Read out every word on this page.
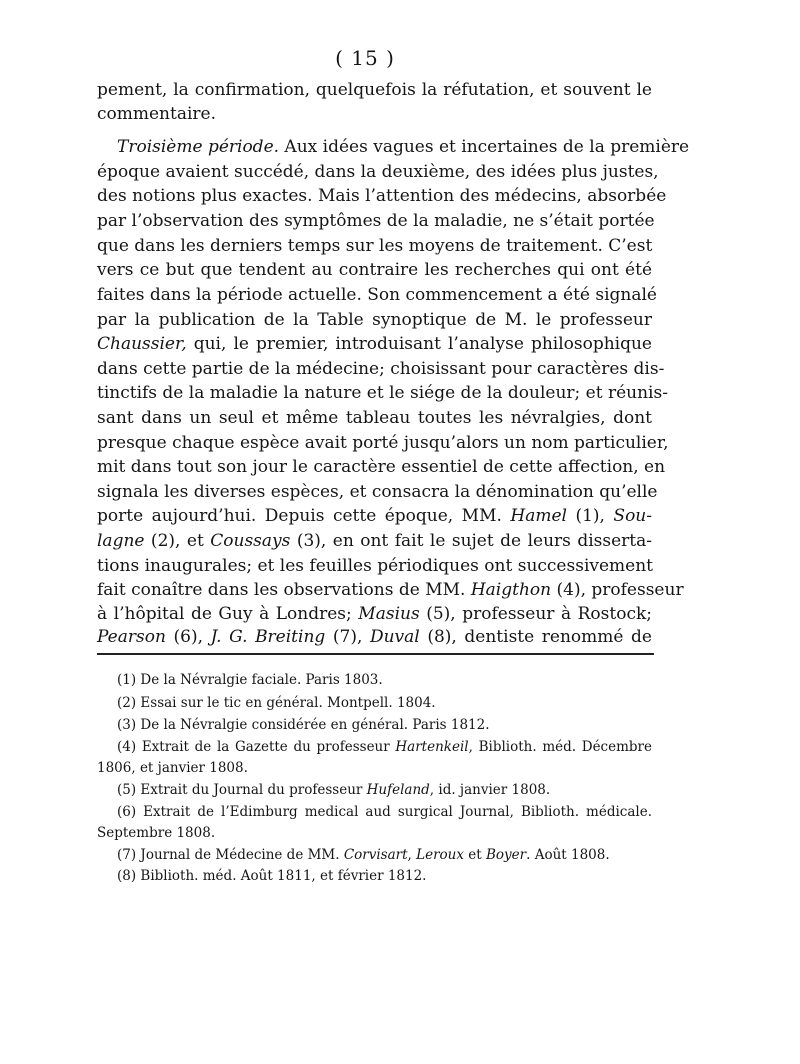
( 15 )
pement, la confirmation, quelquefois la réfutation, et souvent le
commentaire.
Troisième période. Aux idées vagues et incertaines de la première
époque avaient succédé, dans la deuxième, des idées plus justes,
des notions plus exactes. Mais l’attention des médecins, absorbée
par l’observation des symptômes de la maladie, ne s’était portée
que dans les derniers temps sur les moyens de traitement. C’est
vers ce but que tendent au contraire les recherches qui ont été
faites dans la période actuelle. Son commencement a été signalé
par la publication de la Table synoptique de M. le professeur
Chaussier, qui, le premier, introduisant l’analyse philosophique
dans cette partie de la médecine; choisissant pour caractères dis-
tinctifs de la maladie la nature et le siége de la douleur; et réunis-
sant dans un seul et même tableau toutes les névralgies, dont
presque chaque espèce avait porté jusqu’alors un nom particulier,
mit dans tout son jour le caractère essentiel de cette affection, en
signala les diverses espèces, et consacra la dénomination qu’elle
porte aujourd’hui. Depuis cette époque, MM. Hamel (1), Sou-
lagne (2), et Coussays (3), en ont fait le sujet de leurs disserta-
tions inaugurales; et les feuilles périodiques ont successivement
fait conaître dans les observations de MM. Haigthon (4), professeur
à l’hôpital de Guy à Londres; Masius (5), professeur à Rostock;
Pearson (6), J. G. Breiting (7), Duval (8), dentiste renommé de
(1) De la Névralgie faciale. Paris 1803.
(2) Essai sur le tic en général. Montpell. 1804.
(3) De la Névralgie considérée en général. Paris 1812.
(4) Extrait de la Gazette du professeur Hartenkeil, Biblioth. méd. Décembre
1806, et janvier 1808.
(5) Extrait du Journal du professeur Hufeland, id. janvier 1808.
(6) Extrait de l’Edimburg medical aud surgical Journal, Biblioth. médicale.
Septembre 1808.
(7) Journal de Médecine de MM. Corvisart, Leroux et Boyer. Août 1808.
(8) Biblioth. méd. Août 1811, et février 1812.
